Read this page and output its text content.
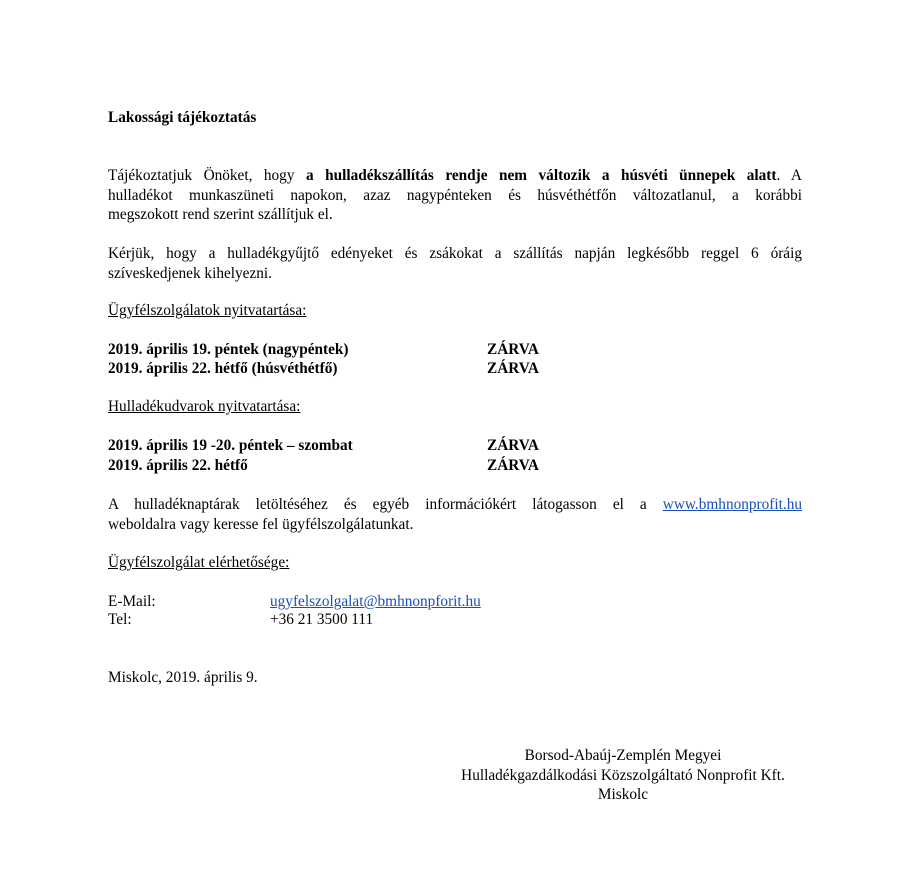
Lakossági tájékoztatás
Tájékoztatjuk Önöket, hogy a hulladékszállítás rendje nem változik a húsvéti ünnepek alatt. A
hulladékot munkaszüneti napokon, azaz nagypénteken és húsvéthétfőn változatlanul, a korábbi
megszokott rend szerint szállítjuk el.
Kérjük, hogy a hulladékgyűjtő edényeket és zsákokat a szállítás napján legkésőbb reggel 6 óráig
szíveskedjenek kihelyezni.
Ügyfélszolgálatok nyitvatartása:
2019. április 19. péntek (nagypéntek)	ZÁRVA
2019. április 22. hétfő (húsvéthétfő)	ZÁRVA
Hulladékudvarok nyitvatartása:
2019. április 19 -20. péntek – szombat	ZÁRVA
2019. április 22. hétfő	ZÁRVA
A hulladéknaptárak letöltéséhez és egyéb információkért látogasson el a www.bmhnonprofit.hu
weboldalra vagy keresse fel ügyfélszolgálatunkat.
Ügyfélszolgálat elérhetősége:
E-Mail:	ugyfelszolgalat@bmhnonpforit.hu
Tel:	+36 21 3500 111
Miskolc, 2019. április 9.
Borsod-Abaúj-Zemplén Megyei
Hulladékgazdálkodási Közszolgáltató Nonprofit Kft.
Miskolc
